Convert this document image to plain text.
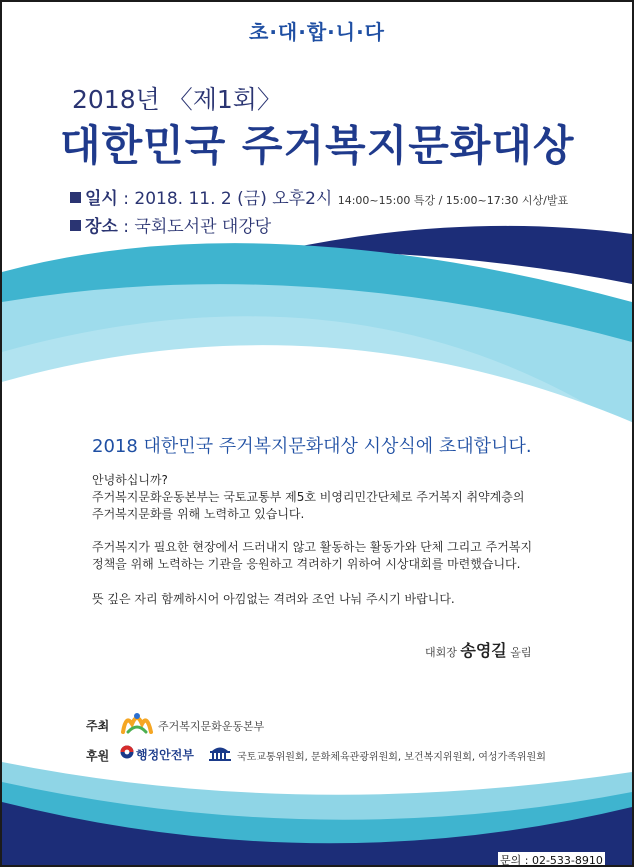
초·대·합·니·다
2018년 〈제1회〉
대한민국 주거복지문화대상
일시 : 2018. 11. 2 (금) 오후2시 14:00~15:00 특강 / 15:00~17:30 시상/발표
장소 : 국회도서관 대강당
2018 대한민국 주거복지문화대상 시상식에 초대합니다.
안녕하십니까?
주거복지문화운동본부는 국토교통부 제5호 비영리민간단체로 주거복지 취약계층의
주거복지문화를 위해 노력하고 있습니다.
주거복지가 필요한 현장에서 드러내지 않고 활동하는 활동가와 단체 그리고 주거복지
정책을 위해 노력하는 기관을 응원하고 격려하기 위하여 시상대회를 마련했습니다.
뜻 깊은 자리 함께하시어 아낌없는 격려와 조언 나눠 주시기 바랍니다.
대회장 송영길 올림
주최	주거복지문화운동본부
후원 행정안전부	국토교통위원회, 문화체육관광위원회, 보건복지위원회, 여성가족위원회
문의 : 02-533-8910
